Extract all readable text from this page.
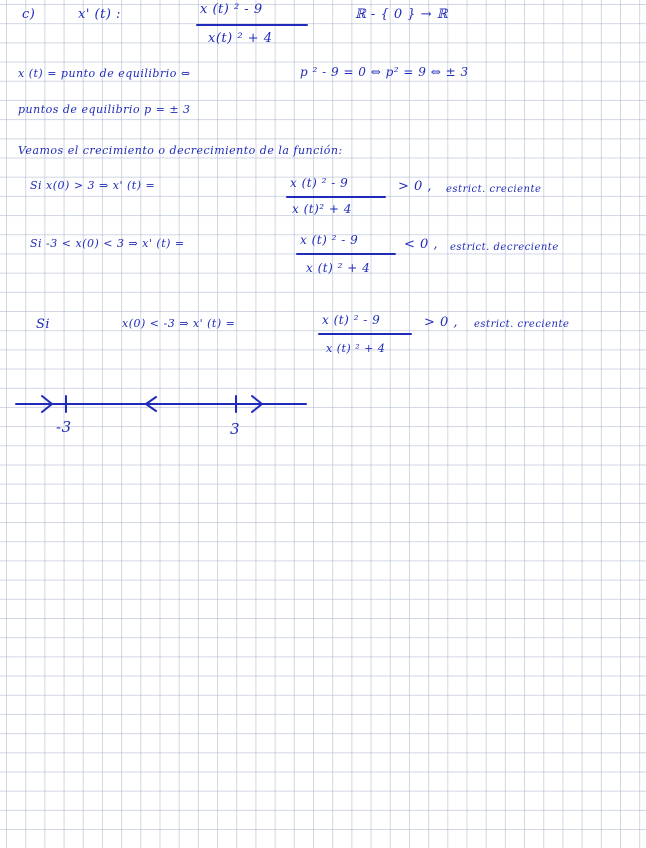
c)	x' (t) :	x (t) ² - 9
x(t) ² + 4
ℝ - { 0 } → ℝ
x (t) = punto de equilibrio ⇔	p ² - 9 = 0 ⇔ p² = 9 ⇔ ± 3
puntos de equilibrio p = ± 3
Veamos el crecimiento o decrecimiento de la función:
Si x(0) > 3 ⇒ x' (t) =	x (t) ² - 9
x (t)² + 4
> 0 , estrict. creciente
Si -3 < x(0) < 3 ⇒ x' (t) =	x (t) ² - 9
x (t) ² + 4
< 0 , estrict. decreciente
Si	x(0) < -3 ⇒ x' (t) =	x (t) ² - 9
x (t) ² + 4
> 0 , estrict. creciente
-3	3
